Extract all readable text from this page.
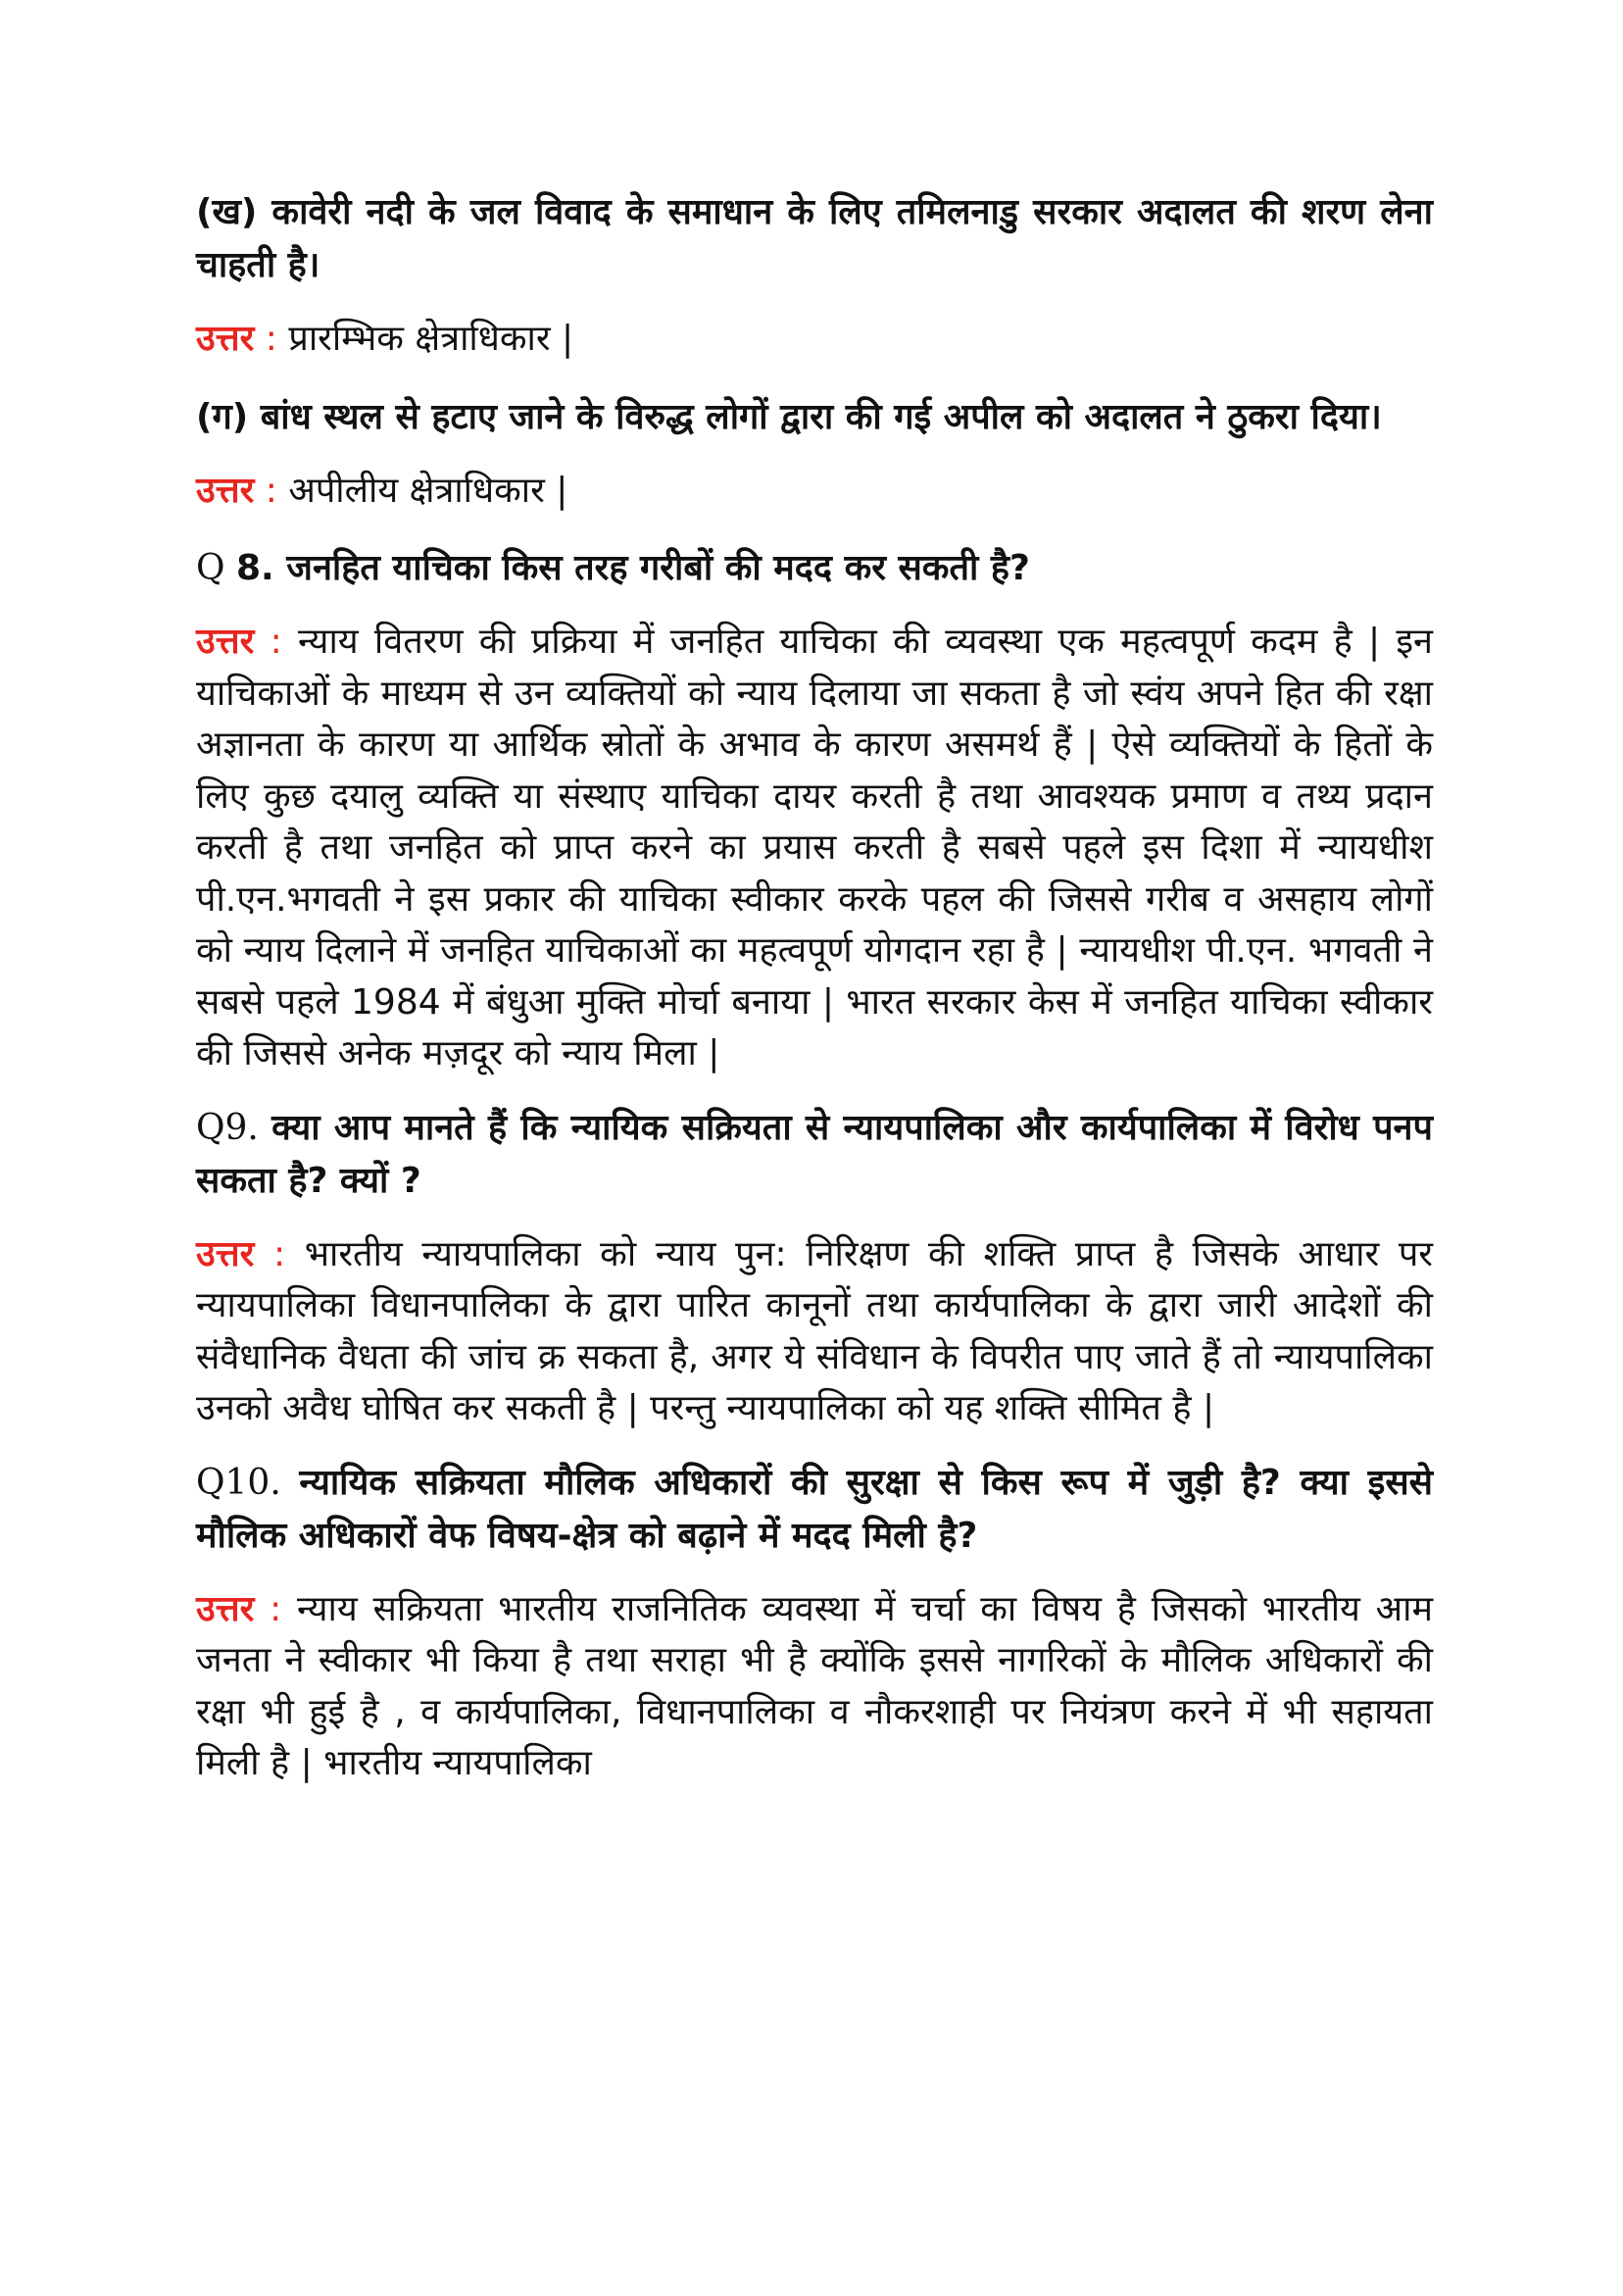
(ख) कावेरी नदी के जल विवाद के समाधान के लिए तमिलनाडु सरकार अदालत की शरण लेना चाहती है।
उत्तर : प्रारम्भिक क्षेत्राधिकार |
(ग) बांध स्थल से हटाए जाने के विरुद्ध लोगों द्वारा की गई अपील को अदालत ने ठुकरा दिया।
उत्तर : अपीलीय क्षेत्राधिकार |
Q 8. जनहित याचिका किस तरह गरीबों की मदद कर सकती है?
उत्तर : न्याय वितरण की प्रक्रिया में जनहित याचिका की व्यवस्था एक महत्वपूर्ण कदम है | इन याचिकाओं के माध्यम से उन व्यक्तियों को न्याय दिलाया जा सकता है जो स्वंय अपने हित की रक्षा अज्ञानता के कारण या आर्थिक स्रोतों के अभाव के कारण असमर्थ हैं | ऐसे व्यक्तियों के हितों के लिए कुछ दयालु व्यक्ति या संस्थाए याचिका दायर करती है तथा आवश्यक प्रमाण व तथ्य प्रदान करती है तथा जनहित को प्राप्त करने का प्रयास करती है सबसे पहले इस दिशा में न्यायधीश पी.एन.भगवती ने इस प्रकार की याचिका स्वीकार करके पहल की जिससे गरीब व असहाय लोगों को न्याय दिलाने में जनहित याचिकाओं का महत्वपूर्ण योगदान रहा है | न्यायधीश पी.एन. भगवती ने सबसे पहले 1984 में बंधुआ मुक्ति मोर्चा बनाया | भारत सरकार केस में जनहित याचिका स्वीकार की जिससे अनेक मज़दूर को न्याय मिला |
Q9. क्या आप मानते हैं कि न्यायिक सक्रियता से न्यायपालिका और कार्यपालिका में विरोध पनप सकता है? क्यों ?
उत्तर : भारतीय न्यायपालिका को न्याय पुन: निरिक्षण की शक्ति प्राप्त है जिसके आधार पर न्यायपालिका विधानपालिका के द्वारा पारित कानूनों तथा कार्यपालिका के द्वारा जारी आदेशों की संवैधानिक वैधता की जांच क्र सकता है, अगर ये संविधान के विपरीत पाए जाते हैं तो न्यायपालिका उनको अवैध घोषित कर सकती है | परन्तु न्यायपालिका को यह शक्ति सीमित है |
Q10. न्यायिक सक्रियता मौलिक अधिकारों की सुरक्षा से किस रूप में जुड़ी है? क्या इससे मौलिक अधिकारों वेफ विषय-क्षेत्र को बढ़ाने में मदद मिली है?
उत्तर : न्याय सक्रियता भारतीय राजनितिक व्यवस्था में चर्चा का विषय है जिसको भारतीय आम जनता ने स्वीकार भी किया है तथा सराहा भी है क्योंकि इससे नागरिकों के मौलिक अधिकारों की रक्षा भी हुई है , व कार्यपालिका, विधानपालिका व नौकरशाही पर नियंत्रण करने में भी सहायता मिली है | भारतीय न्यायपालिका
